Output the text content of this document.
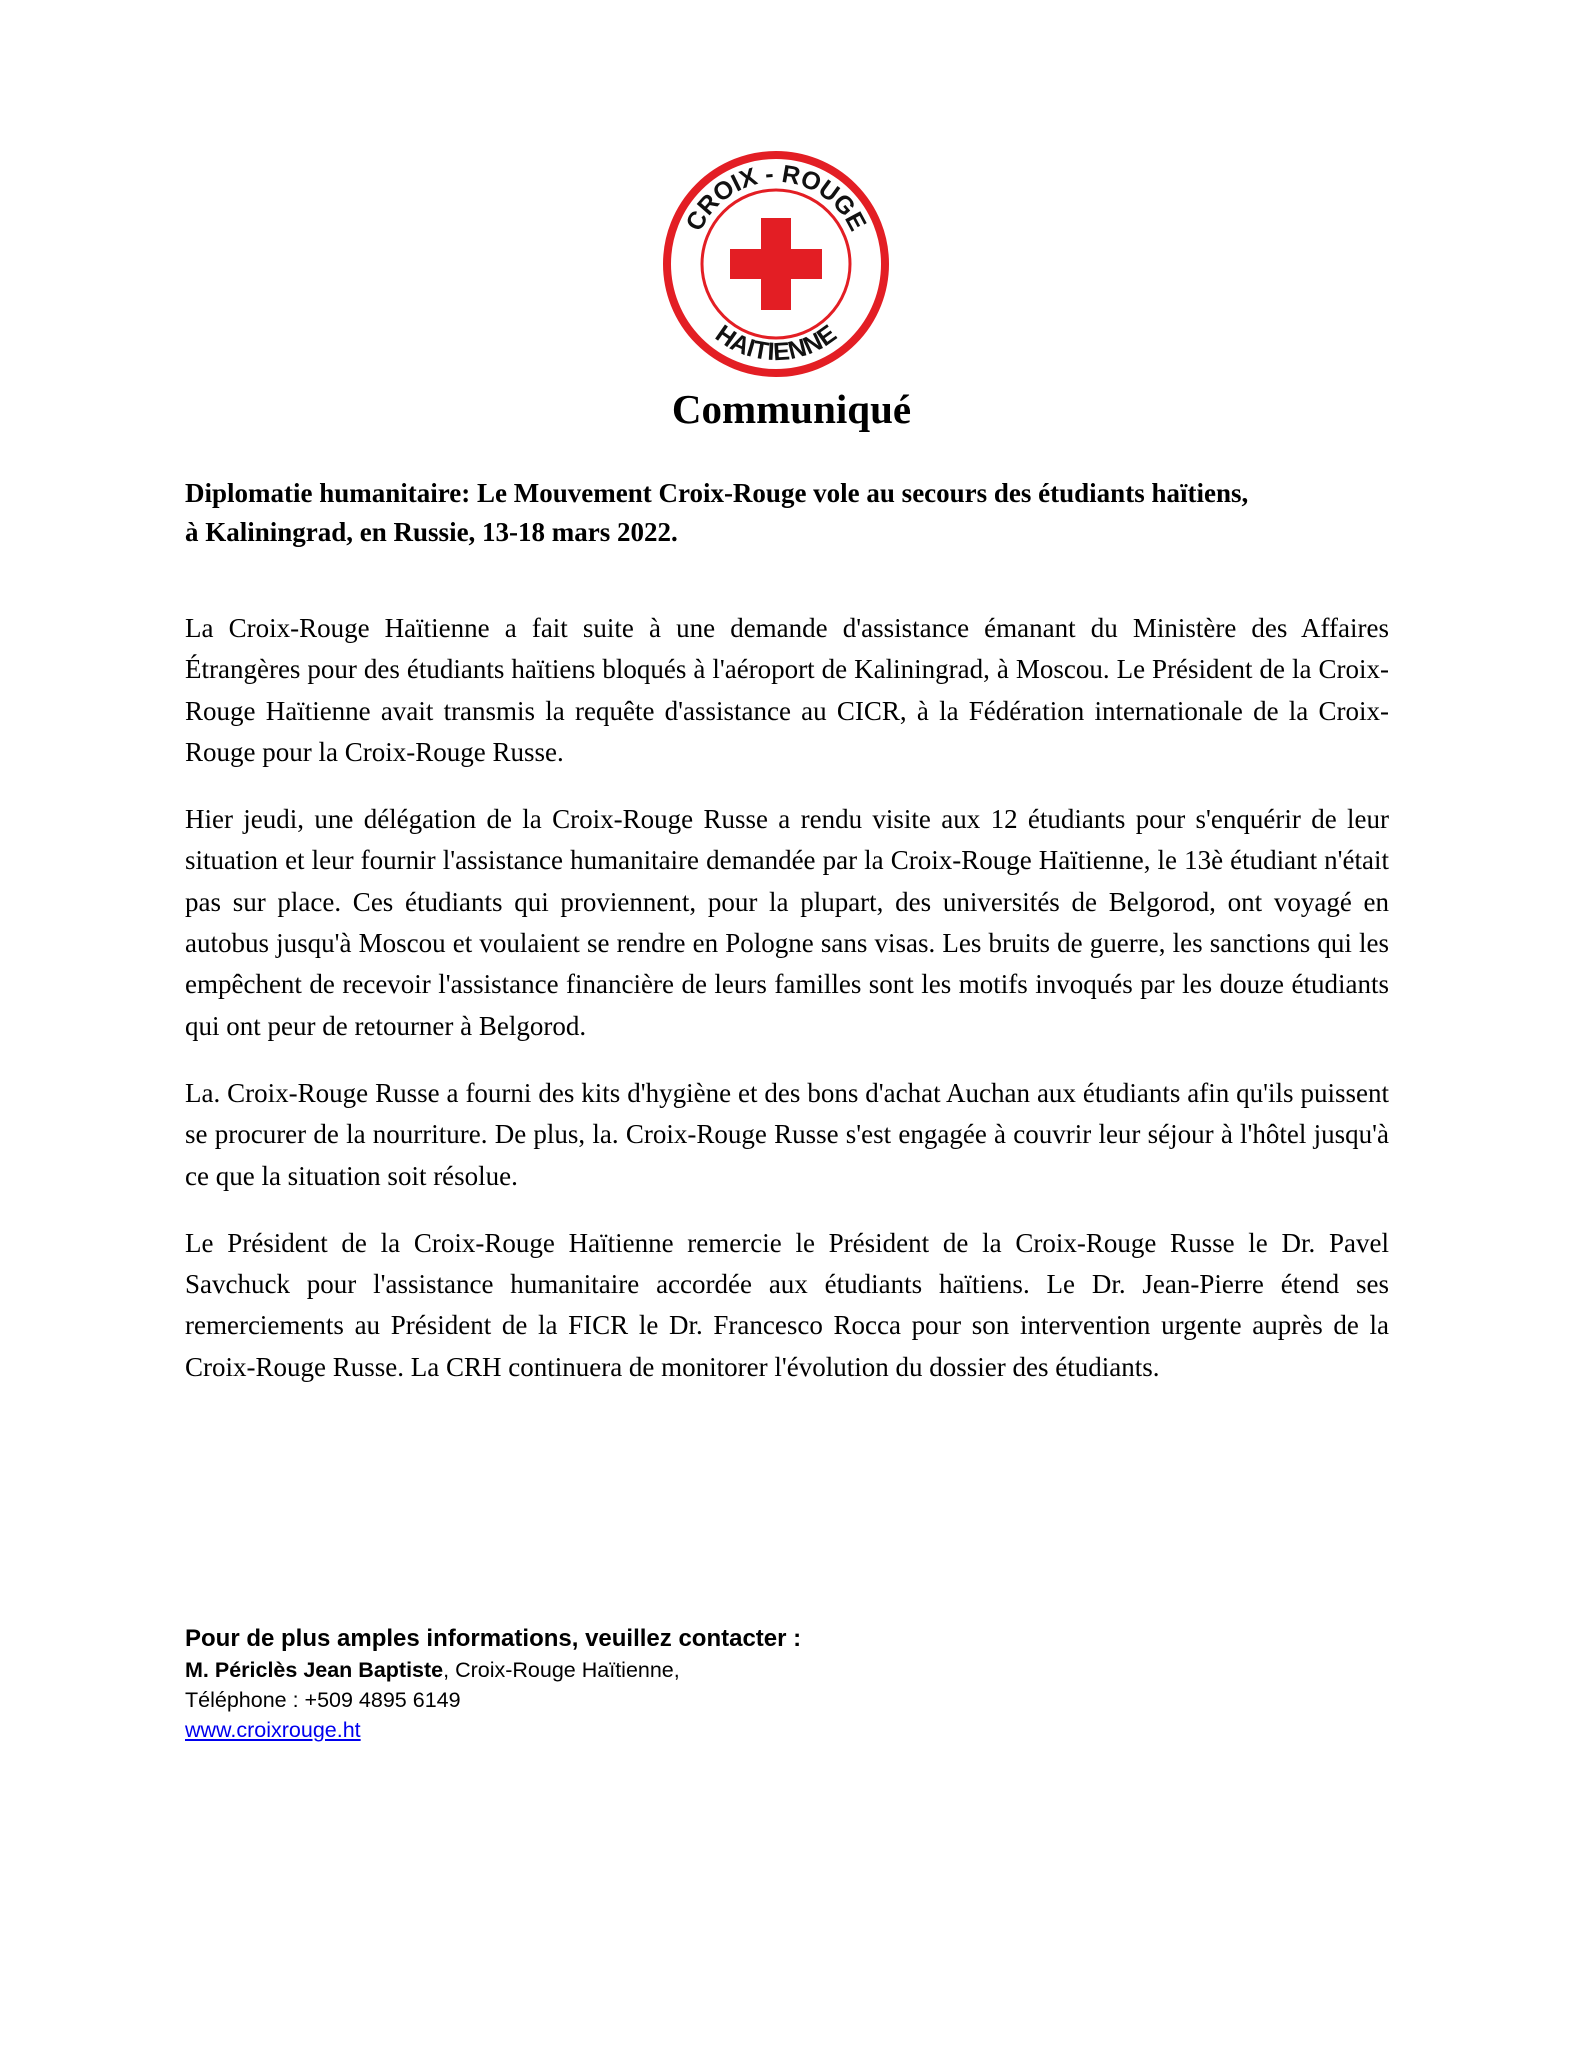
CROIX - ROUGE
HAITIENNE
Communiqué
Diplomatie humanitaire: Le Mouvement Croix-Rouge vole au secours des étudiants haïtiens,
à Kaliningrad, en Russie, 13-18 mars 2022.

La Croix-Rouge Haïtienne a fait suite à une demande d'assistance émanant du Ministère des Affaires Étrangères pour des étudiants haïtiens bloqués à l'aéroport de Kaliningrad, à Moscou. Le Président de la Croix-Rouge Haïtienne avait transmis la requête d'assistance au CICR, à la Fédération internationale de la Croix-Rouge pour la Croix-Rouge Russe.

Hier jeudi, une délégation de la Croix-Rouge Russe a rendu visite aux 12 étudiants pour s'enquérir de leur situation et leur fournir l'assistance humanitaire demandée par la Croix-Rouge Haïtienne, le 13è étudiant n'était pas sur place. Ces étudiants qui proviennent, pour la plupart, des universités de Belgorod, ont voyagé en autobus jusqu'à Moscou et voulaient se rendre en Pologne sans visas. Les bruits de guerre, les sanctions qui les empêchent de recevoir l'assistance financière de leurs familles sont les motifs invoqués par les douze étudiants qui ont peur de retourner à Belgorod.

La. Croix-Rouge Russe a fourni des kits d'hygiène et des bons d'achat Auchan aux étudiants afin qu'ils puissent se procurer de la nourriture. De plus, la. Croix-Rouge Russe s'est engagée à couvrir leur séjour à l'hôtel jusqu'à ce que la situation soit résolue.

Le Président de la Croix-Rouge Haïtienne remercie le Président de la Croix-Rouge Russe le Dr. Pavel Savchuck pour l'assistance humanitaire accordée aux étudiants haïtiens. Le Dr. Jean-Pierre étend ses remerciements au Président de la FICR le Dr. Francesco Rocca pour son intervention urgente auprès de la Croix-Rouge Russe. La CRH continuera de monitorer l'évolution du dossier des étudiants.

Pour de plus amples informations, veuillez contacter :
M. Périclès Jean Baptiste, Croix-Rouge Haïtienne,
Téléphone : +509 4895 6149
www.croixrouge.ht
